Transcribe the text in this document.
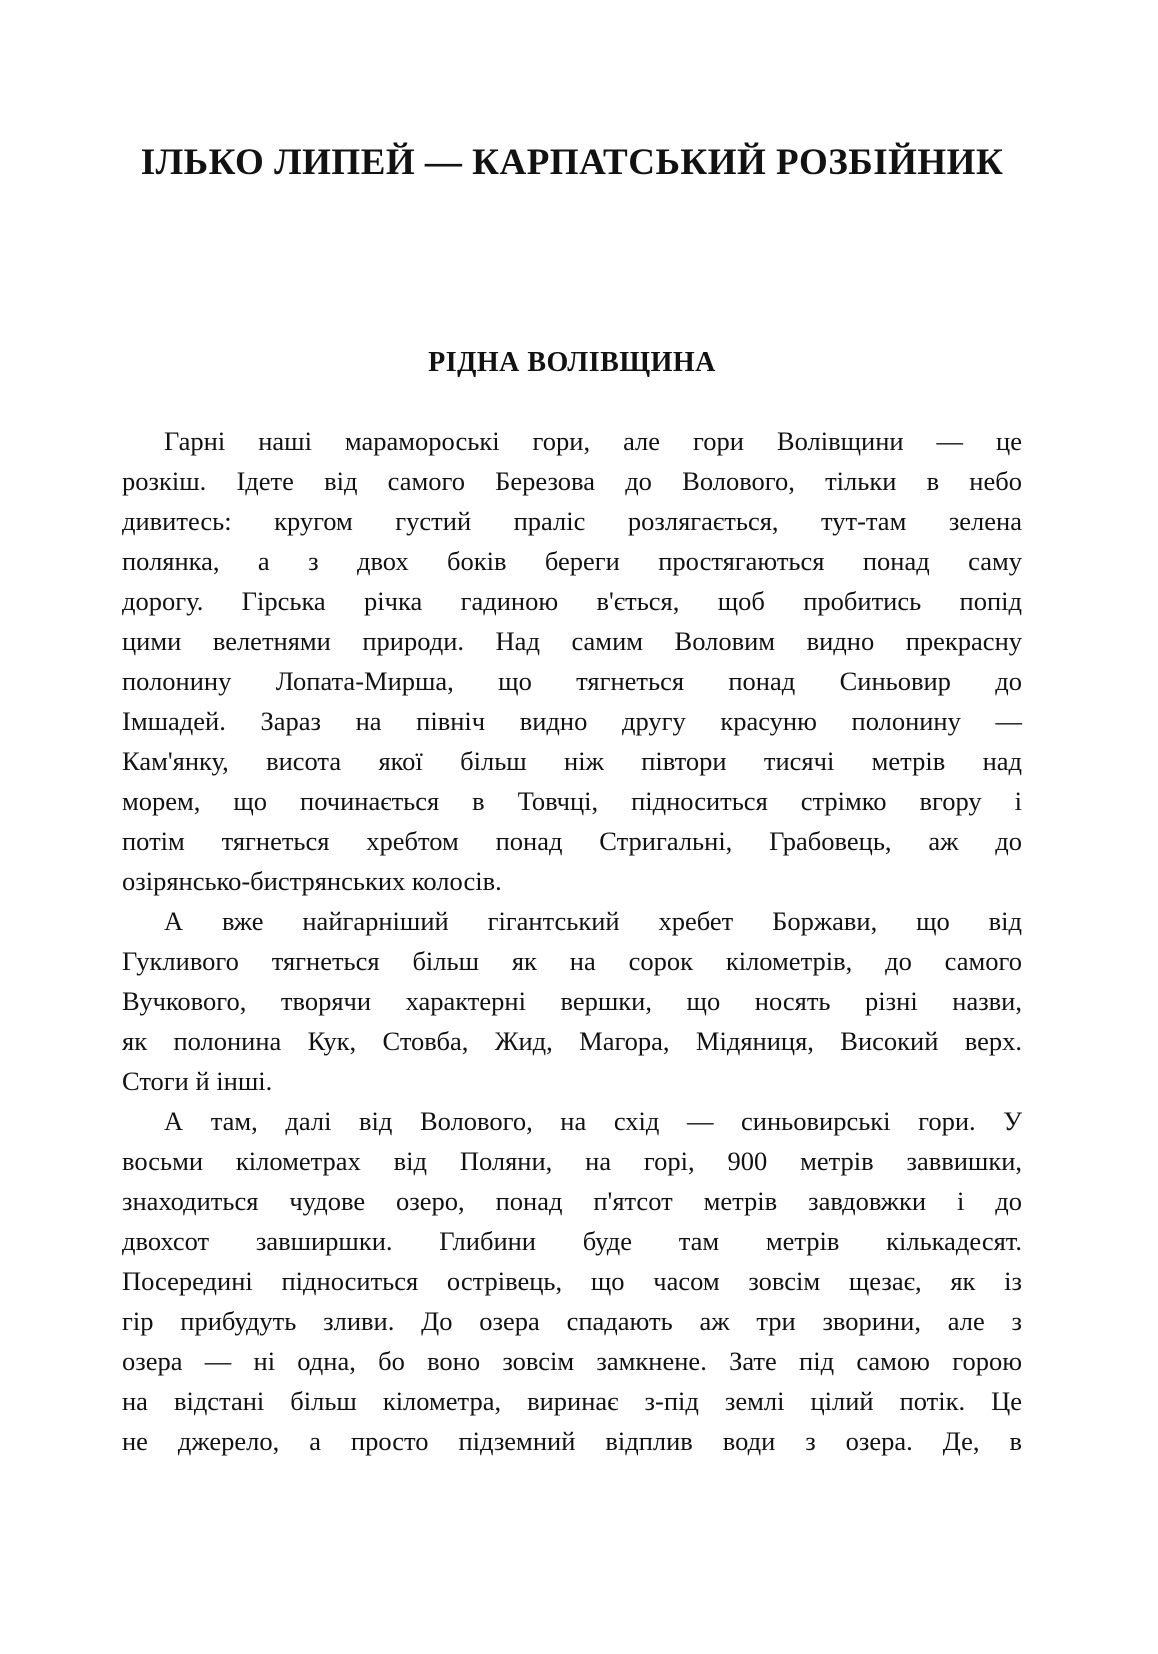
ІЛЬКО ЛИПЕЙ — КАРПАТСЬКИЙ РОЗБІЙНИК
РІДНА ВОЛІВЩИНА
Гарні наші марамороські гори, але гори Волівщини — це
розкіш. Ідете від самого Березова до Волового, тільки в небо
дивитесь: кругом густий праліс розлягається, тут-там зелена
полянка, а з двох боків береги простягаються понад саму
дорогу. Гірська річка гадиною в'ється, щоб пробитись попід
цими велетнями природи. Над самим Воловим видно прекрасну
полонину Лопата-Мирша, що тягнеться понад Синьовир до
Імшадей. Зараз на північ видно другу красуню полонину —
Кам'янку, висота якої більш ніж півтори тисячі метрів над
морем, що починається в Товчці, підноситься стрімко вгору і
потім тягнеться хребтом понад Стригальні, Грабовець, аж до
озірянсько-бистрянських колосів.
А вже найгарніший гігантський хребет Боржави, що від
Гукливого тягнеться більш як на сорок кілометрів, до самого
Вучкового, творячи характерні вершки, що носять різні назви,
як полонина Кук, Стовба, Жид, Магора, Мідяниця, Високий верх.
Стоги й інші.
А там, далі від Волового, на схід — синьовирські гори. У
восьми кілометрах від Поляни, на горі, 900 метрів заввишки,
знаходиться чудове озеро, понад п'ятсот метрів завдовжки і до
двохсот завширшки. Глибини буде там метрів кількадесят.
Посередині підноситься острівець, що часом зовсім щезає, як із
гір прибудуть зливи. До озера спадають аж три зворини, але з
озера — ні одна, бо воно зовсім замкнене. Зате під самою горою
на відстані більш кілометра, виринає з-під землі цілий потік. Це
не джерело, а просто підземний відплив води з озера. Де, в
